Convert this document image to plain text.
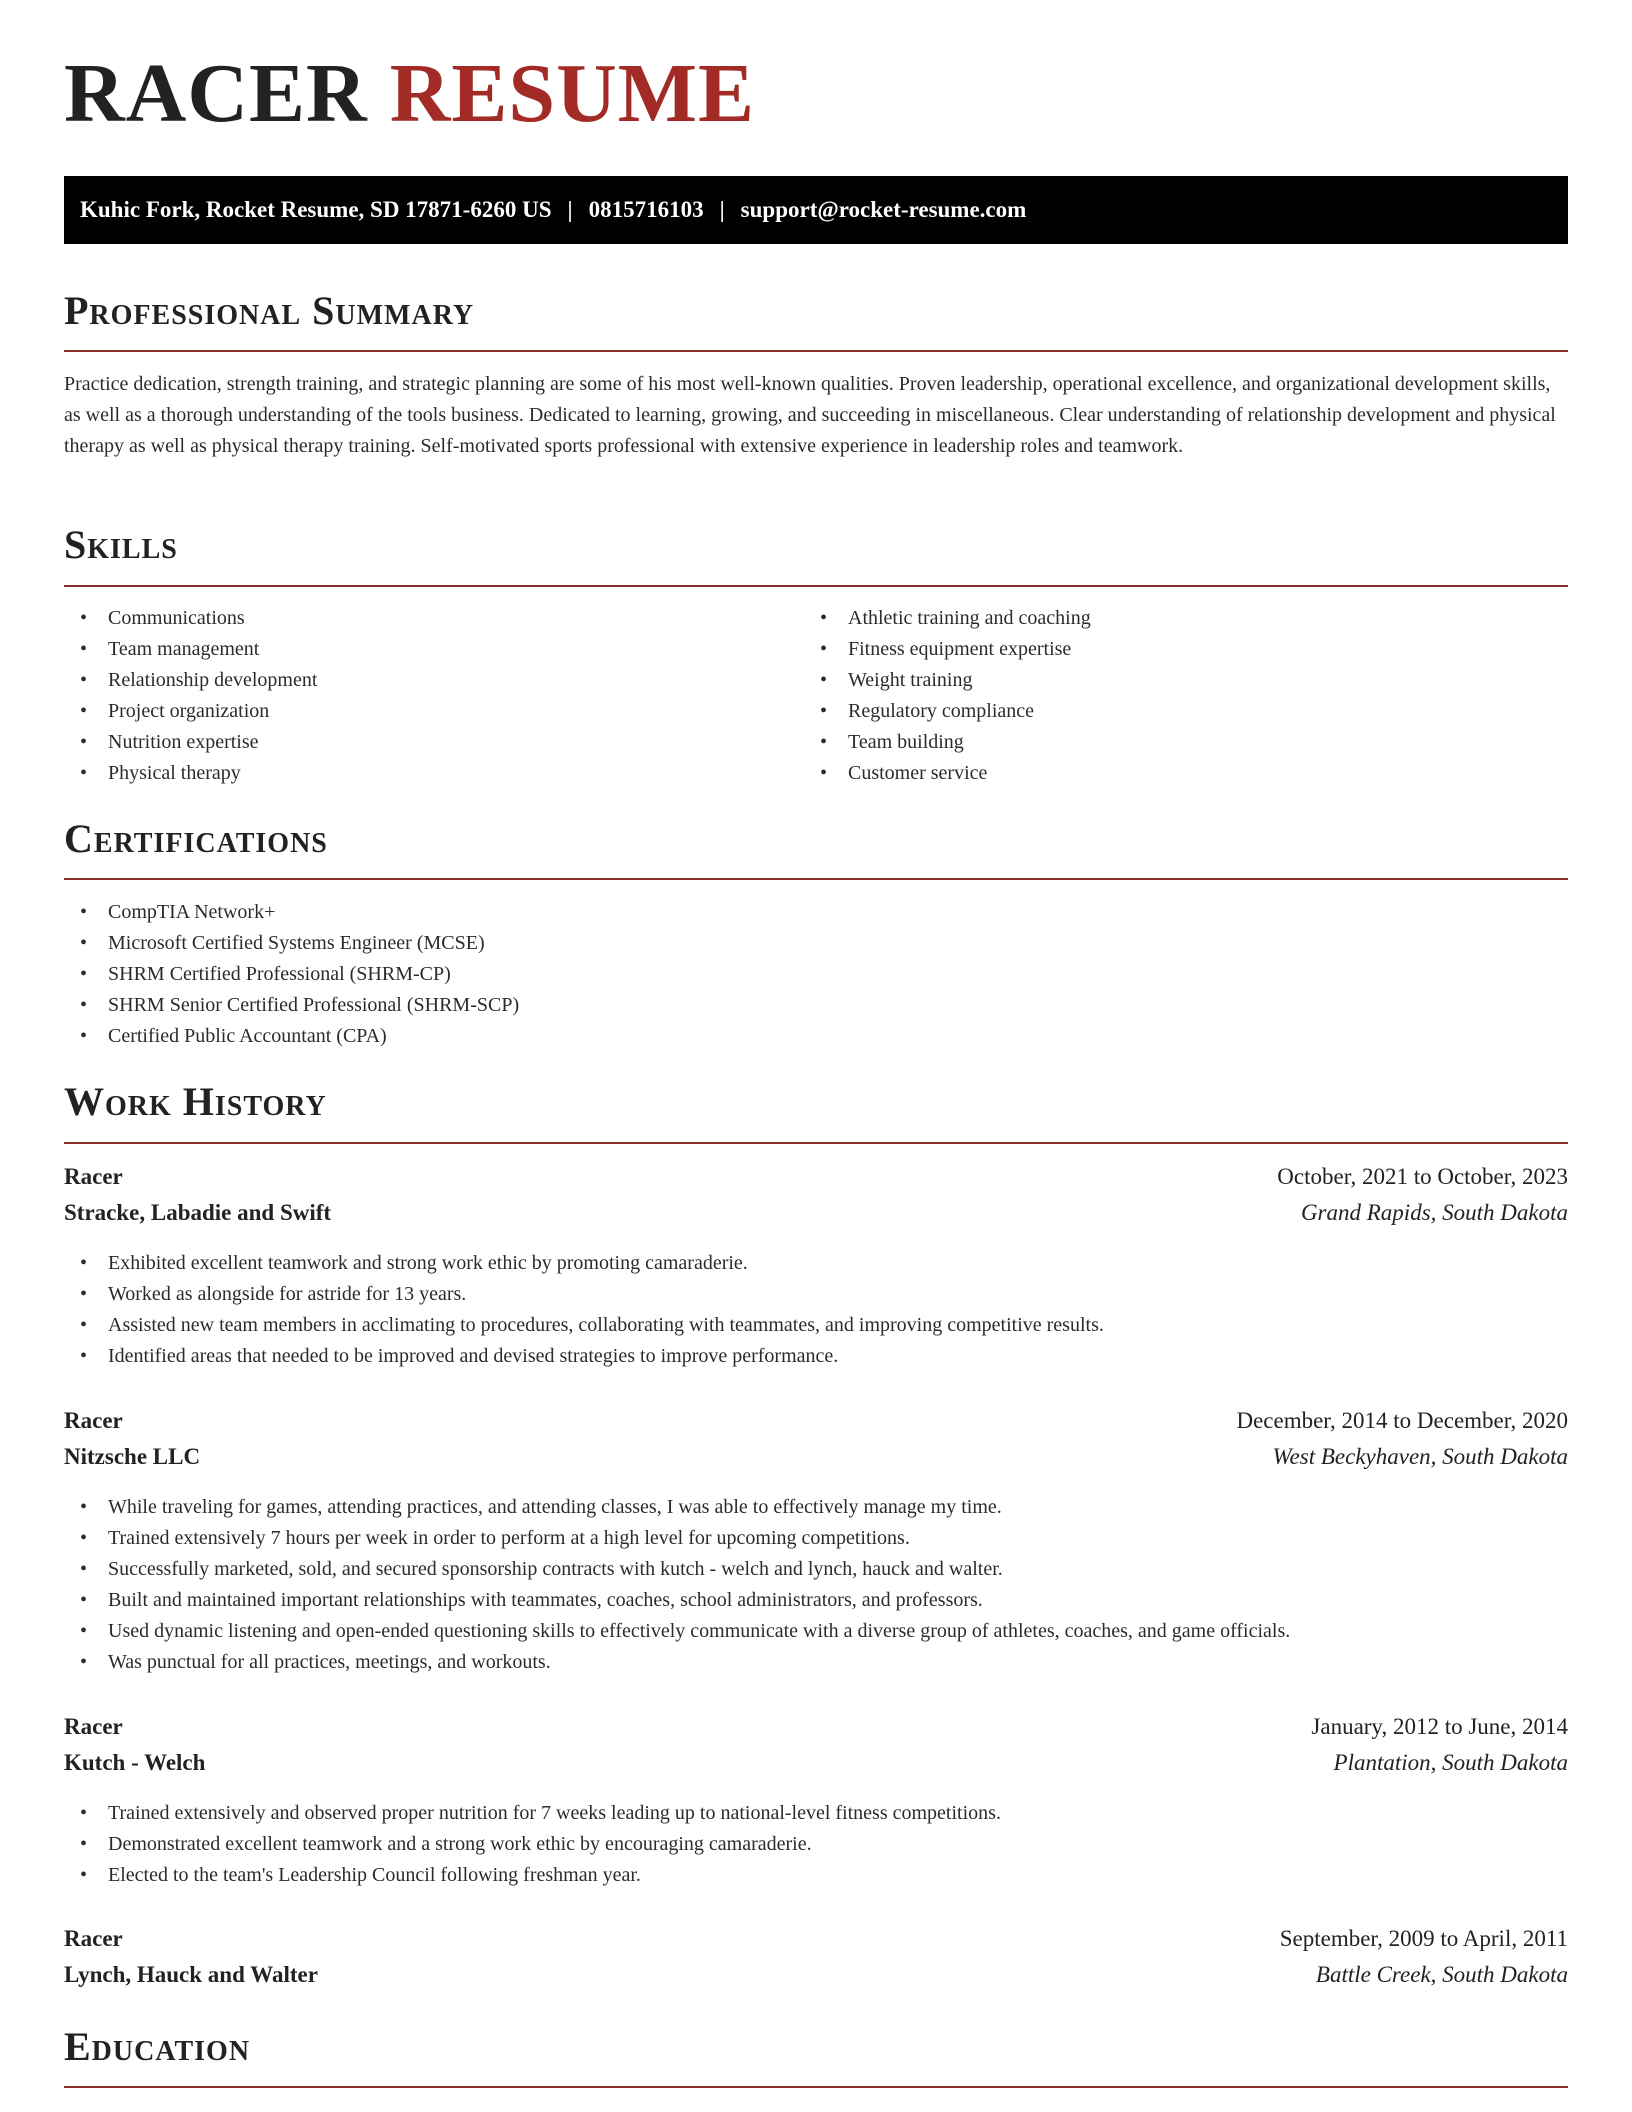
RACER RESUME
Kuhic Fork, Rocket Resume, SD 17871-6260 US | 0815716103 | support@rocket-resume.com
Professional Summary

Practice dedication, strength training, and strategic planning are some of his most well-known qualities. Proven leadership, operational excellence, and organizational development skills, as well as a thorough understanding of the tools business. Dedicated to learning, growing, and succeeding in miscellaneous. Clear understanding of relationship development and physical therapy as well as physical therapy training. Self-motivated sports professional with extensive experience in leadership roles and teamwork.

Skills
• Communications
• Team management
• Relationship development
• Project organization
• Nutrition expertise
• Physical therapy
• Athletic training and coaching
• Fitness equipment expertise
• Weight training
• Regulatory compliance
• Team building
• Customer service
Certifications
• CompTIA Network+
• Microsoft Certified Systems Engineer (MCSE)
• SHRM Certified Professional (SHRM-CP)
• SHRM Senior Certified Professional (SHRM-SCP)
• Certified Public Accountant (CPA)
Work History
Racer	October, 2021 to October, 2023
Stracke, Labadie and Swift	Grand Rapids, South Dakota
• Exhibited excellent teamwork and strong work ethic by promoting camaraderie.
• Worked as alongside for astride for 13 years.
• Assisted new team members in acclimating to procedures, collaborating with teammates, and improving competitive results.
• Identified areas that needed to be improved and devised strategies to improve performance.
Racer	December, 2014 to December, 2020
Nitzsche LLC	West Beckyhaven, South Dakota
• While traveling for games, attending practices, and attending classes, I was able to effectively manage my time.
• Trained extensively 7 hours per week in order to perform at a high level for upcoming competitions.
• Successfully marketed, sold, and secured sponsorship contracts with kutch - welch and lynch, hauck and walter.
• Built and maintained important relationships with teammates, coaches, school administrators, and professors.
• Used dynamic listening and open-ended questioning skills to effectively communicate with a diverse group of athletes, coaches, and game officials.
• Was punctual for all practices, meetings, and workouts.
Racer	January, 2012 to June, 2014
Kutch - Welch	Plantation, South Dakota
• Trained extensively and observed proper nutrition for 7 weeks leading up to national-level fitness competitions.
• Demonstrated excellent teamwork and a strong work ethic by encouraging camaraderie.
• Elected to the team's Leadership Council following freshman year.
Racer	September, 2009 to April, 2011
Lynch, Hauck and Walter	Battle Creek, South Dakota
Education
